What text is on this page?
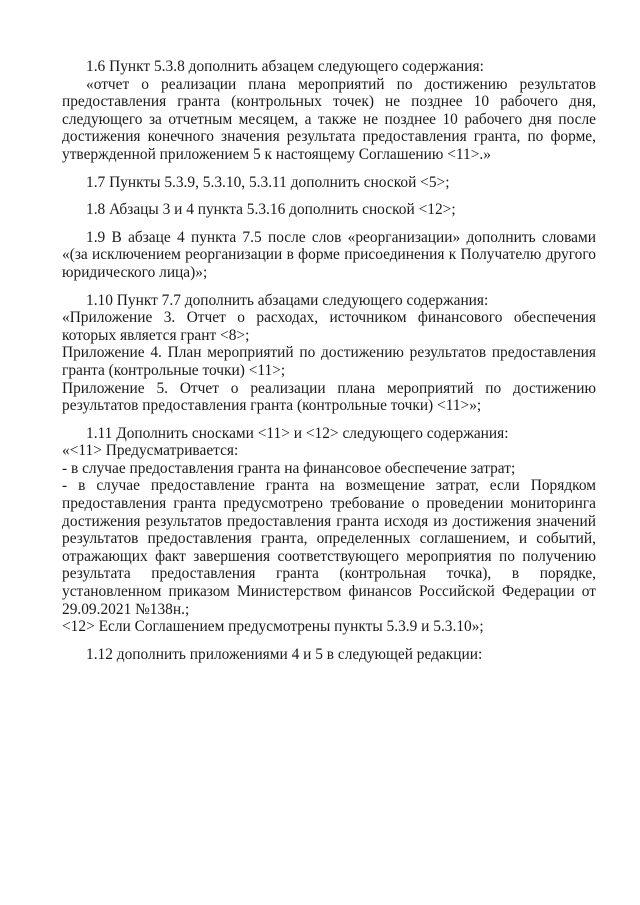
1.6 Пункт 5.3.8 дополнить абзацем следующего содержания:

«отчет о реализации плана мероприятий по достижению результатов предоставления гранта (контрольных точек) не позднее 10 рабочего дня, следующего за отчетным месяцем, а также не позднее 10 рабочего дня после достижения конечного значения результата предоставления гранта, по форме, утвержденной приложением 5 к настоящему Соглашению <11>.»

1.7 Пункты 5.3.9, 5.3.10, 5.3.11 дополнить сноской <5>;

1.8 Абзацы 3 и 4 пункта 5.3.16 дополнить сноской <12>;

1.9 В абзаце 4 пункта 7.5 после слов «реорганизации» дополнить словами «(за исключением реорганизации в форме присоединения к Получателю другого юридического лица)»;

1.10 Пункт 7.7 дополнить абзацами следующего содержания:

«Приложение 3. Отчет о расходах, источником финансового обеспечения которых является грант <8>;

Приложение 4. План мероприятий по достижению результатов предоставления гранта (контрольные точки) <11>;

Приложение 5. Отчет о реализации плана мероприятий по достижению результатов предоставления гранта (контрольные точки) <11>»;

1.11 Дополнить сносками <11> и <12> следующего содержания:

«<11> Предусматривается:

- в случае предоставления гранта на финансовое обеспечение затрат;

- в случае предоставление гранта на возмещение затрат, если Порядком предоставления гранта предусмотрено требование о проведении мониторинга достижения результатов предоставления гранта исходя из достижения значений результатов предоставления гранта, определенных соглашением, и событий, отражающих факт завершения соответствующего мероприятия по получению результата предоставления гранта (контрольная точка), в порядке, установленном приказом Министерством финансов Российской Федерации от 29.09.2021 №138н.;

<12> Если Соглашением предусмотрены пункты 5.3.9 и 5.3.10»;

1.12 дополнить приложениями 4 и 5 в следующей редакции:
